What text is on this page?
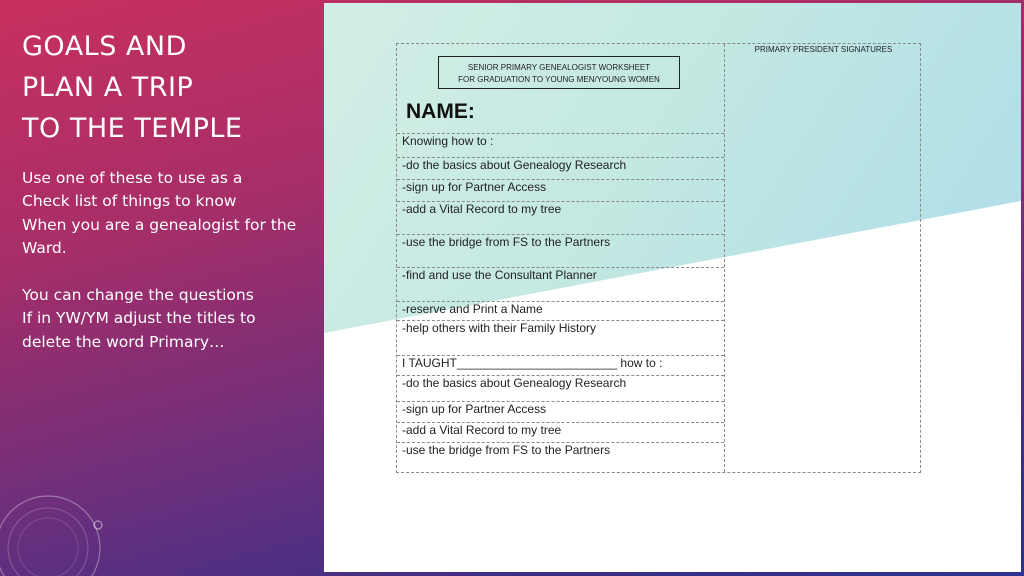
GOALS AND
PLAN A TRIP
TO THE TEMPLE
Use one of these to use as a
Check list of things to know
When you are a genealogist for the
Ward.
You can change the questions
If in YW/YM adjust the titles to
delete the word Primary…
PRIMARY PRESIDENT SIGNATURES
SENIOR PRIMARY GENEALOGIST WORKSHEET
FOR GRADUATION TO YOUNG MEN/YOUNG WOMEN
NAME:
Knowing how to :
-do the basics about Genealogy Research
-sign up for Partner Access
-add a Vital Record to my tree
-use the bridge from FS to the Partners
-find and use the Consultant Planner
-reserve and Print a Name
-help others with their Family History
I TAUGHT________________________ how to :
-do the basics about Genealogy Research
-sign up for Partner Access
-add a Vital Record to my tree
-use the bridge from FS to the Partners
